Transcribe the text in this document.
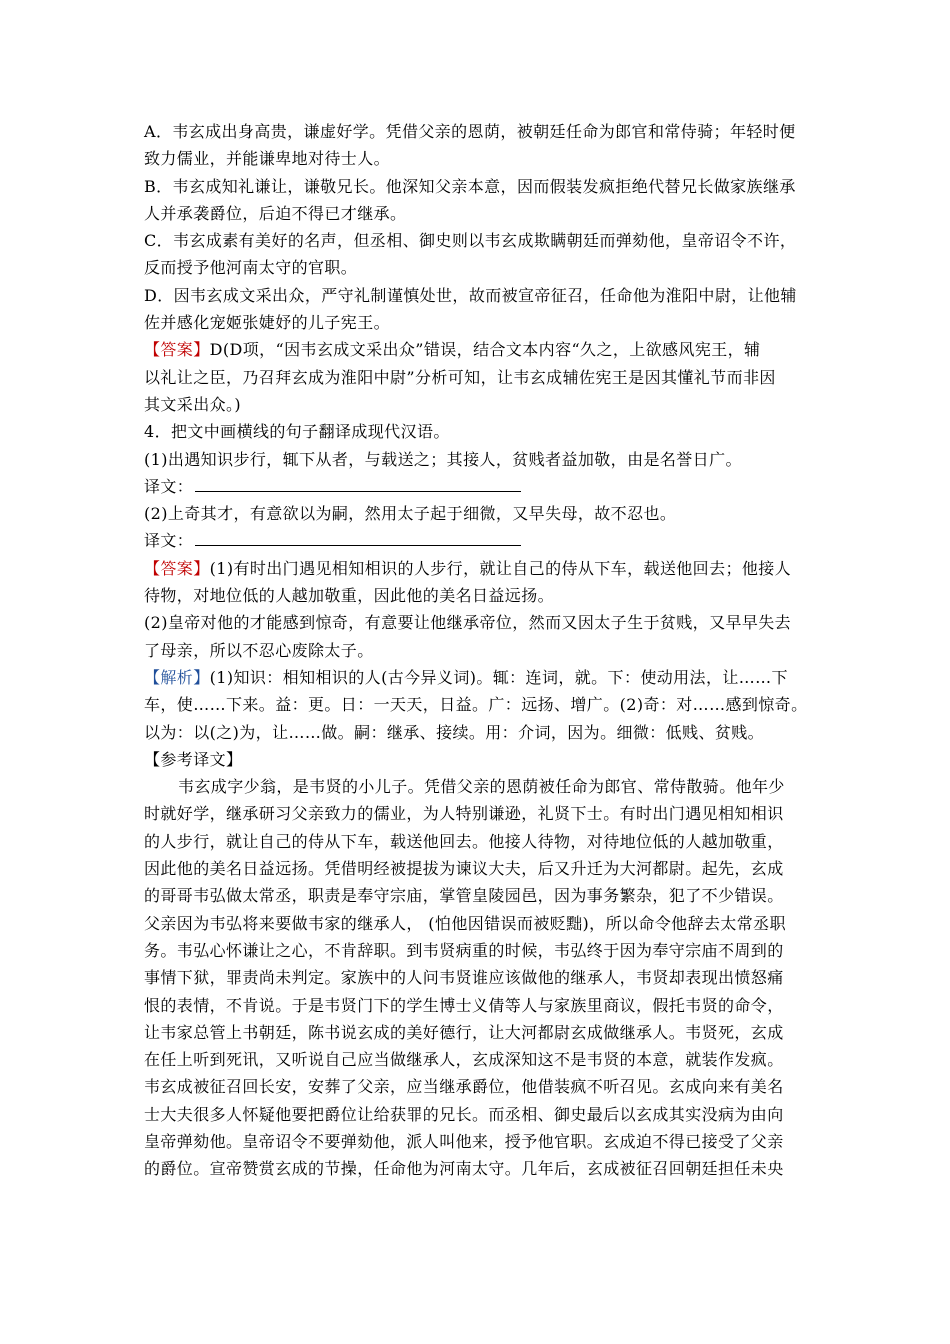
A．韦玄成出身高贵，谦虚好学。凭借父亲的恩荫，被朝廷任命为郎官和常侍骑；年轻时便
致力儒业，并能谦卑地对待士人。
B．韦玄成知礼谦让，谦敬兄长。他深知父亲本意，因而假装发疯拒绝代替兄长做家族继承
人并承袭爵位，后迫不得已才继承。
C．韦玄成素有美好的名声，但丞相、御史则以韦玄成欺瞒朝廷而弹劾他，皇帝诏令不许，
反而授予他河南太守的官职。
D．因韦玄成文采出众，严守礼制谨慎处世，故而被宣帝征召，任命他为淮阳中尉，让他辅
佐并感化宠姬张婕妤的儿子宪王。
【答案】D(D项，“因韦玄成文采出众”错误，结合文本内容“久之，上欲感风宪王，辅
以礼让之臣，乃召拜玄成为淮阳中尉”分析可知，让韦玄成辅佐宪王是因其懂礼节而非因
其文采出众。)
4．把文中画横线的句子翻译成现代汉语。
(1)出遇知识步行，辄下从者，与载送之；其接人，贫贱者益加敬，由是名誉日广。
译文：
(2)上奇其才，有意欲以为嗣，然用太子起于细微，又早失母，故不忍也。
译文：
【答案】(1)有时出门遇见相知相识的人步行，就让自己的侍从下车，载送他回去；他接人
待物，对地位低的人越加敬重，因此他的美名日益远扬。
(2)皇帝对他的才能感到惊奇，有意要让他继承帝位，然而又因太子生于贫贱，又早早失去
了母亲，所以不忍心废除太子。
【解析】(1)知识：相知相识的人(古今异义词)。辄：连词，就。下：使动用法，让……下
车，使……下来。益：更。日：一天天，日益。广：远扬、增广。(2)奇：对……感到惊奇。
以为：以(之)为，让……做。嗣：继承、接续。用：介词，因为。细微：低贱、贫贱。
【参考译文】
韦玄成字少翁，是韦贤的小儿子。凭借父亲的恩荫被任命为郎官、常侍散骑。他年少
时就好学，继承研习父亲致力的儒业，为人特别谦逊，礼贤下士。有时出门遇见相知相识
的人步行，就让自己的侍从下车，载送他回去。他接人待物，对待地位低的人越加敬重，
因此他的美名日益远扬。凭借明经被提拔为谏议大夫，后又升迁为大河都尉。起先，玄成
的哥哥韦弘做太常丞，职责是奉守宗庙，掌管皇陵园邑，因为事务繁杂，犯了不少错误。
父亲因为韦弘将来要做韦家的继承人， (怕他因错误而被贬黜)，所以命令他辞去太常丞职
务。韦弘心怀谦让之心，不肯辞职。到韦贤病重的时候，韦弘终于因为奉守宗庙不周到的
事情下狱，罪责尚未判定。家族中的人问韦贤谁应该做他的继承人，韦贤却表现出愤怒痛
恨的表情，不肯说。于是韦贤门下的学生博士义倩等人与家族里商议，假托韦贤的命令，
让韦家总管上书朝廷，陈书说玄成的美好德行，让大河都尉玄成做继承人。韦贤死，玄成
在任上听到死讯，又听说自己应当做继承人，玄成深知这不是韦贤的本意，就装作发疯。
韦玄成被征召回长安，安葬了父亲，应当继承爵位，他借装疯不听召见。玄成向来有美名
士大夫很多人怀疑他要把爵位让给获罪的兄长。而丞相、御史最后以玄成其实没病为由向
皇帝弹劾他。皇帝诏令不要弹劾他，派人叫他来，授予他官职。玄成迫不得已接受了父亲
的爵位。宣帝赞赏玄成的节操，任命他为河南太守。几年后，玄成被征召回朝廷担任未央
